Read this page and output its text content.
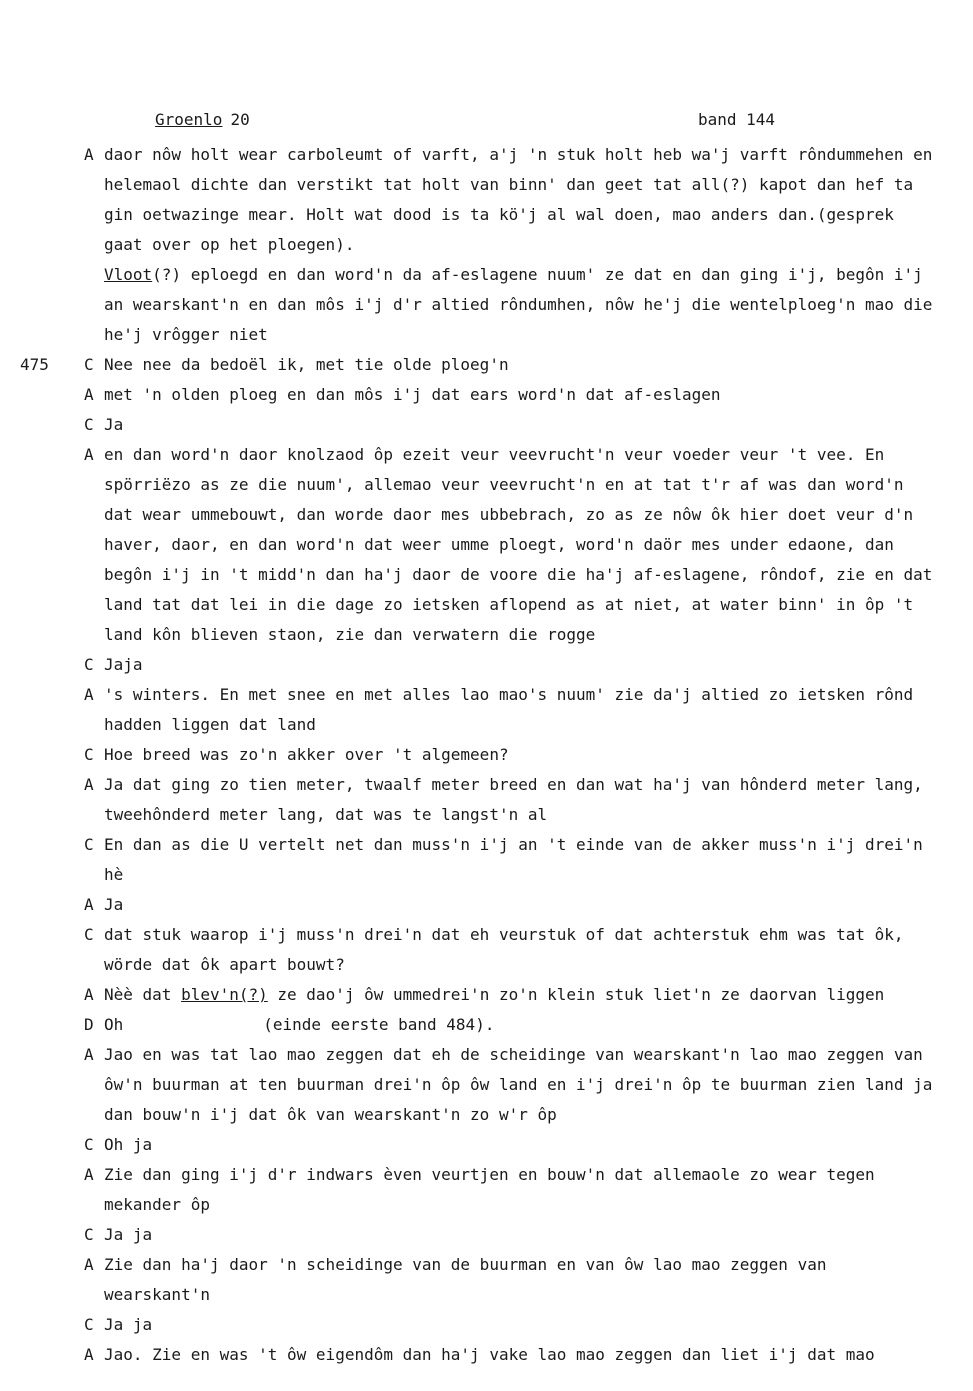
Groenlo 20	band 144
A daor nôw holt wear carboleumt of varft, a'j 'n stuk holt heb wa'j varft rôndummehen en helemaol dichte dan verstikt tat holt van binn' dan geet tat all(?) kapot dan hef ta gin oetwazinge mear. Holt wat dood is ta kö'j al wal doen, mao anders dan.(gesprek gaat over op het ploegen).
Vloot(?) eploegd en dan word'n da af-eslagene nuum' ze dat en dan ging i'j, begôn i'j an wearskant'n en dan môs i'j d'r altied rôndumhen, nôw he'j die wentelploeg'n mao die he'j vrôgger niet
475	C Nee nee da bedoël ik, met tie olde ploeg'n
A met 'n olden ploeg en dan môs i'j dat ears word'n dat af-eslagen
C Ja
A en dan word'n daor knolzaod ôp ezeit veur veevrucht'n veur voeder veur 't vee. En spörriëzo as ze die nuum', allemao veur veevrucht'n en at tat t'r af was dan word'n dat wear ummebouwt, dan worde daor mes ubbebrach, zo as ze nôw ôk hier doet veur d'n haver, daor, en dan word'n dat weer umme ploegt, word'n daör mes under edaone, dan begôn i'j in 't midd'n dan ha'j daor de voore die ha'j af-eslagene, rôndof, zie en dat land tat dat lei in die dage zo ietsken aflopend as at niet, at water binn' in ôp 't land kôn blieven staon, zie dan verwatern die rogge
C Jaja
A 's winters. En met snee en met alles lao mao's nuum' zie da'j altied zo ietsken rônd hadden liggen dat land
C Hoe breed was zo'n akker over 't algemeen?
A Ja dat ging zo tien meter, twaalf meter breed en dan wat ha'j van hônderd meter lang, tweehônderd meter lang, dat was te langst'n al
C En dan as die U vertelt net dan muss'n i'j an 't einde van de akker muss'n i'j drei'n hè
A Ja
C dat stuk waarop i'j muss'n drei'n dat eh veurstuk of dat achterstuk ehm was tat ôk, wörde dat ôk apart bouwt?
A Nèè dat blev'n(?) ze dao'j ôw ummedrei'n zo'n klein stuk liet'n ze daorvan liggen
D Oh	(einde eerste band 484).
A Jao en was tat lao mao zeggen dat eh de scheidinge van wearskant'n lao mao zeggen van ôw'n buurman at ten buurman drei'n ôp ôw land en i'j drei'n ôp te buurman zien land ja dan bouw'n i'j dat ôk van wearskant'n zo w'r ôp
C Oh ja
A Zie dan ging i'j d'r indwars èven veurtjen en bouw'n dat allemaole zo wear tegen mekander ôp
C Ja ja
A Zie dan ha'j daor 'n scheidinge van de buurman en van ôw lao mao zeggen van wearskant'n
C Ja ja
A Jao. Zie en was 't ôw eigendôm dan ha'j vake lao mao zeggen dan liet i'j dat mao
